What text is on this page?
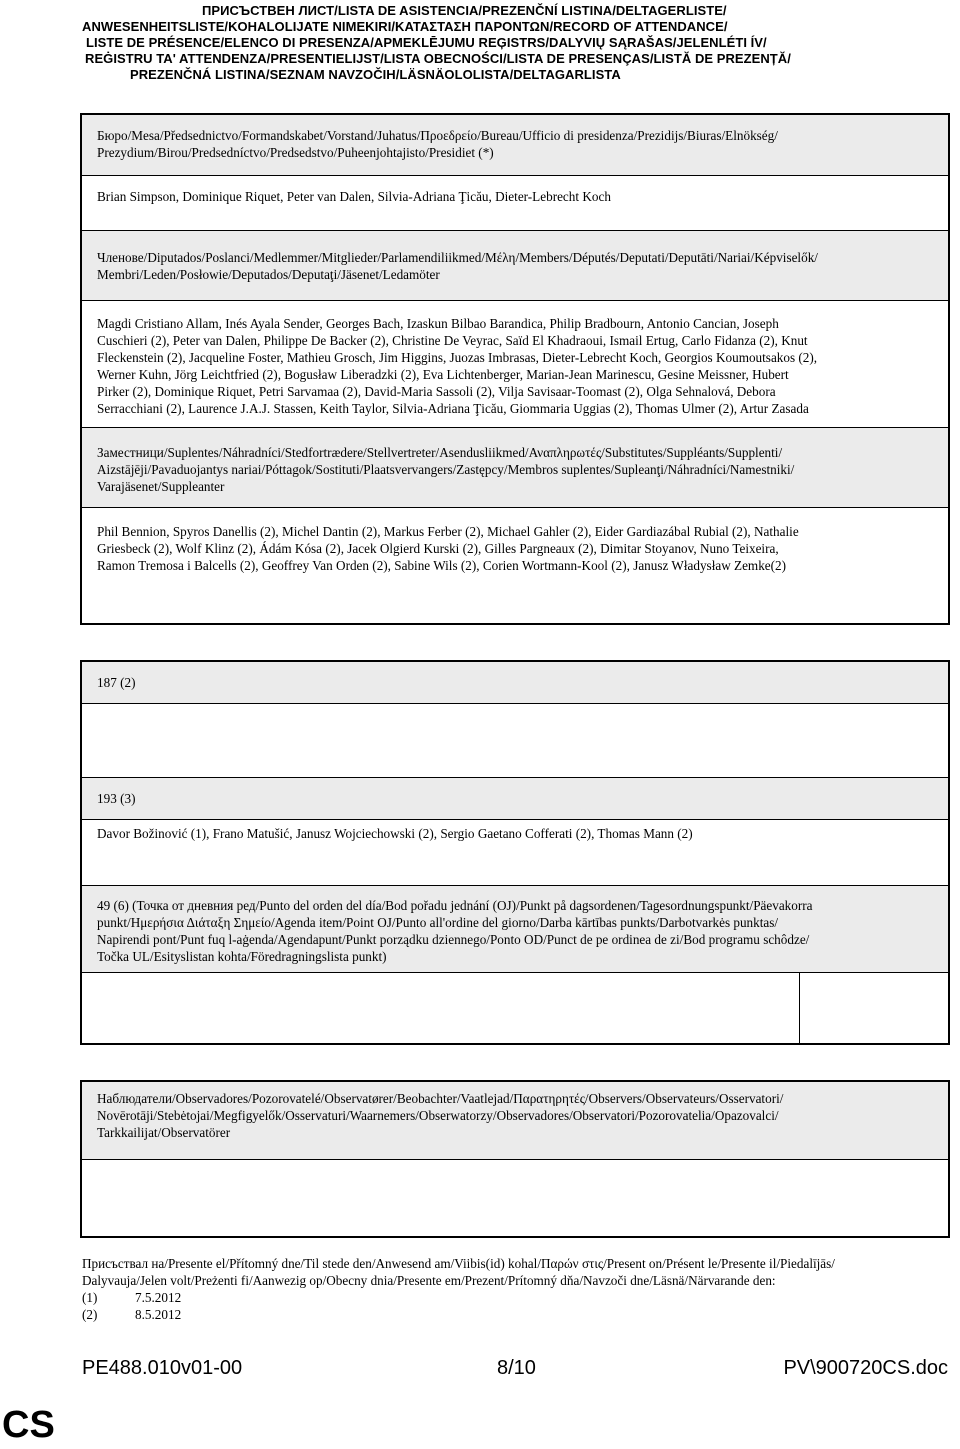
ПРИСЪСТВЕН ЛИСТ/LISTA DE ASISTENCIA/PREZENČNÍ LISTINA/DELTAGERLISTE/
ANWESENHEITSLISTE/KOHALOLIJATE NIMEKIRI/ΚΑΤΑΣΤΑΣΗ ΠΑΡΟΝΤΩΝ/RECORD OF ATTENDANCE/
LISTE DE PRÉSENCE/ELENCO DI PRESENZA/APMEKLĒJUMU REĢISTRS/DALYVIŲ SĄRAŠAS/JELENLÉTI ÍV/
REĠISTRU TA' ATTENDENZA/PRESENTIELIJST/LISTA OBECNOŚCI/LISTA DE PRESENÇAS/LISTĂ DE PREZENȚĂ/
PREZENČNÁ LISTINA/SEZNAM NAVZOČIH/LÄSNÄOLOLISTA/DELTAGARLISTA

Бюро/Mesa/Předsednictvo/Formandskabet/Vorstand/Juhatus/Προεδρείο/Bureau/Ufficio di presidenza/Prezidijs/Biuras/Elnökség/

Prezydium/Birou/Predsedníctvo/Predsedstvo/Puheenjohtajisto/Presidiet (*)

Brian Simpson, Dominique Riquet, Peter van Dalen, Silvia-Adriana Ţicău, Dieter-Lebrecht Koch

Членове/Diputados/Poslanci/Medlemmer/Mitglieder/Parlamendiliikmed/Μέλη/Members/Députés/Deputati/Deputāti/Nariai/Képviselők/

Membri/Leden/Posłowie/Deputados/Deputaţi/Jäsenet/Ledamöter

Magdi Cristiano Allam, Inés Ayala Sender, Georges Bach, Izaskun Bilbao Barandica, Philip Bradbourn, Antonio Cancian, Joseph

Cuschieri (2), Peter van Dalen, Philippe De Backer (2), Christine De Veyrac, Saïd El Khadraoui, Ismail Ertug, Carlo Fidanza (2), Knut

Fleckenstein (2), Jacqueline Foster, Mathieu Grosch, Jim Higgins, Juozas Imbrasas, Dieter-Lebrecht Koch, Georgios Koumoutsakos (2),

Werner Kuhn, Jörg Leichtfried (2), Bogusław Liberadzki (2), Eva Lichtenberger, Marian-Jean Marinescu, Gesine Meissner, Hubert

Pirker (2), Dominique Riquet, Petri Sarvamaa (2), David-Maria Sassoli (2), Vilja Savisaar-Toomast (2), Olga Sehnalová, Debora

Serracchiani (2), Laurence J.A.J. Stassen, Keith Taylor, Silvia-Adriana Ţicău, Giommaria Uggias (2), Thomas Ulmer (2), Artur Zasada

Заместници/Suplentes/Náhradníci/Stedfortrædere/Stellvertreter/Asendusliikmed/Αναπληρωτές/Substitutes/Suppléants/Supplenti/

Aizstājēji/Pavaduojantys nariai/Póttagok/Sostituti/Plaatsvervangers/Zastępcy/Membros suplentes/Supleanţi/Náhradníci/Namestniki/

Varajäsenet/Suppleanter

Phil Bennion, Spyros Danellis (2), Michel Dantin (2), Markus Ferber (2), Michael Gahler (2), Eider Gardiazábal Rubial (2), Nathalie

Griesbeck (2), Wolf Klinz (2), Ádám Kósa (2), Jacek Olgierd Kurski (2), Gilles Pargneaux (2), Dimitar Stoyanov, Nuno Teixeira,

Ramon Tremosa i Balcells (2), Geoffrey Van Orden (2), Sabine Wils (2), Corien Wortmann-Kool (2), Janusz Władysław Zemke(2)

187 (2)

193 (3)

Davor Božinović (1), Frano Matušić, Janusz Wojciechowski (2), Sergio Gaetano Cofferati (2), Thomas Mann (2)

49 (6) (Точка от дневния ред/Punto del orden del día/Bod pořadu jednání (OJ)/Punkt på dagsordenen/Tagesordnungspunkt/Päevakorra

punkt/Ημερήσια Διάταξη Σημείο/Agenda item/Point OJ/Punto all'ordine del giorno/Darba kārtības punkts/Darbotvarkės punktas/

Napirendi pont/Punt fuq l-aġenda/Agendapunt/Punkt porządku dziennego/Ponto OD/Punct de pe ordinea de zi/Bod programu schôdze/

Točka UL/Esityslistan kohta/Föredragningslista punkt)

Наблюдатели/Observadores/Pozorovatelé/Observatører/Beobachter/Vaatlejad/Παρατηρητές/Observers/Observateurs/Osservatori/

Novērotāji/Stebėtojai/Megfigyelők/Osservaturi/Waarnemers/Obserwatorzy/Observadores/Observatori/Pozorovatelia/Opazovalci/

Tarkkailijat/Observatörer

Присъствал на/Presente el/Přítomný dne/Til stede den/Anwesend am/Viibis(id) kohal/Παρών στις/Present on/Présent le/Presente il/Piedalījās/

Dalyvauja/Jelen volt/Preżenti fi/Aanwezig op/Obecny dnia/Presente em/Prezent/Prítomný dňa/Navzoči dne/Läsnä/Närvarande den:

(1)	7.5.2012
(2)	8.5.2012
PE488.010v01-00	8/10	PV\900720CS.doc
CS
